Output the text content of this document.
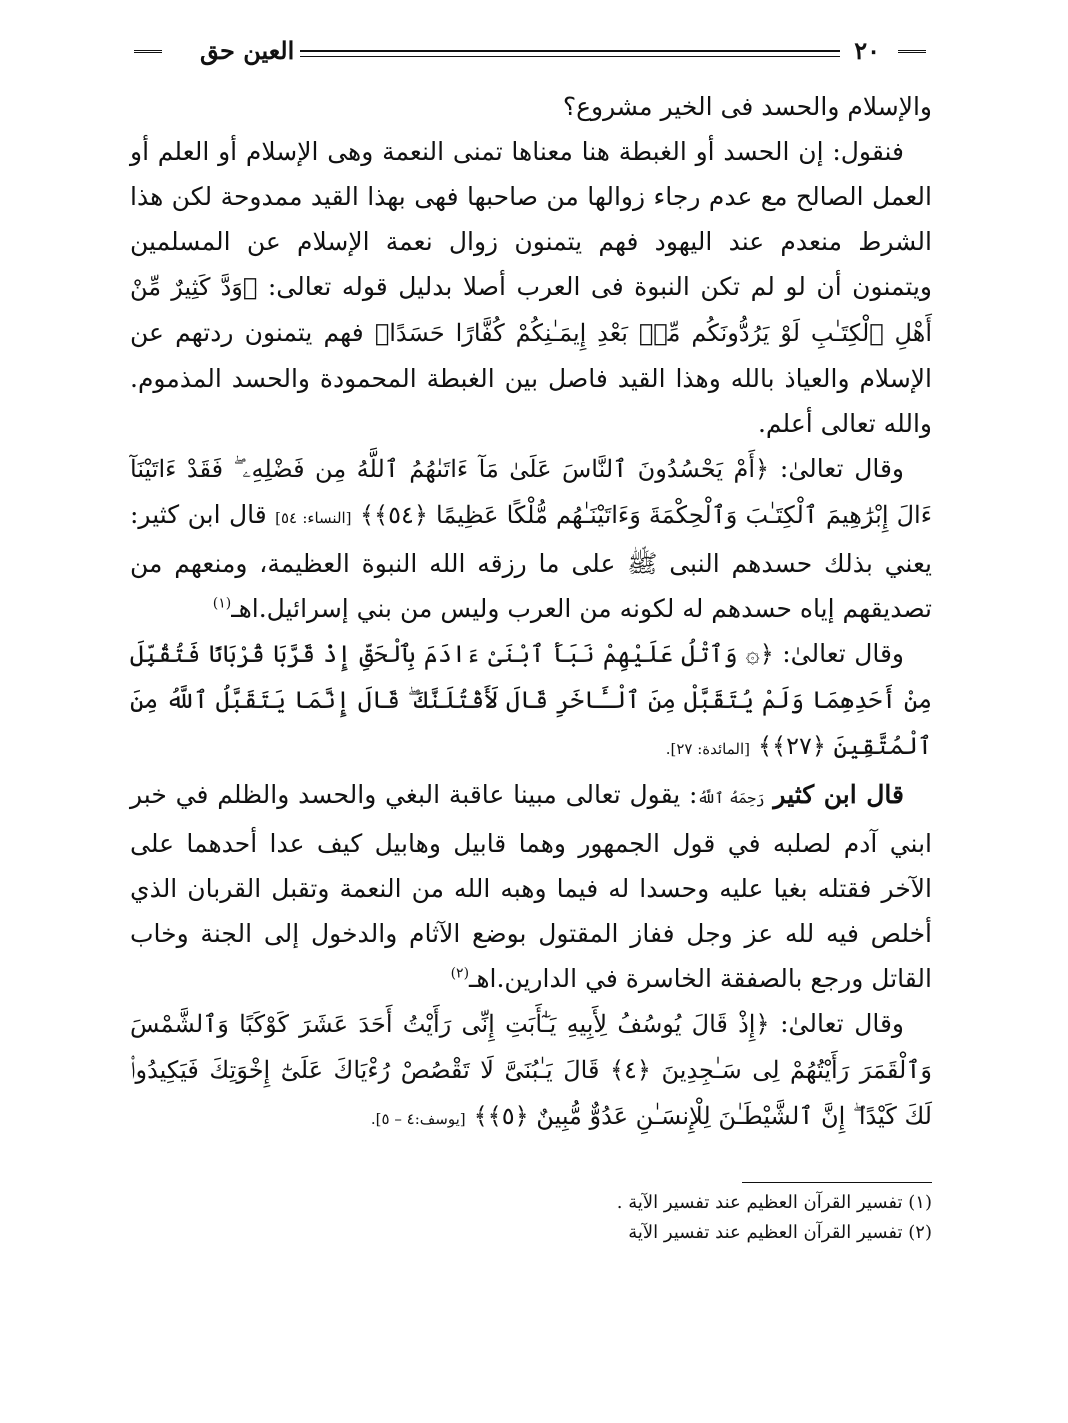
العين حق	٢٠

والإسلام والحسد فى الخير مشروع؟

فنقول: إن الحسد أو الغبطة هنا معناها تمنى النعمة وهى الإسلام أو العلم أو العمل الصالح مع عدم رجاء زوالها من صاحبها فهى بهذا القيد ممدوحة لكن هذا الشرط منعدم عند اليهود فهم يتمنون زوال نعمة الإسلام عن المسلمين ويتمنون أن لو لم تكن النبوة فى العرب أصلا بدليل قوله تعالى: ﴿وَدَّ كَثِيرٌ مِّنْ أَهْلِ ٱلْكِتَـٰبِ لَوْ يَرُدُّونَكُم مِّنۢ بَعْدِ إِيمَـٰنِكُمْ كُفَّارًا حَسَدًا﴾ فهم يتمنون ردتهم عن الإسلام والعياذ بالله وهذا القيد فاصل بين الغبطة المحمودة والحسد المذموم. والله تعالى أعلم.

وقال تعالىٰ: ﴿أَمْ يَحْسُدُونَ ٱلنَّاسَ عَلَىٰ مَآ ءَاتَىٰهُمُ ٱللَّهُ مِن فَضْلِهِۦ ۖ فَقَدْ ءَاتَيْنَآ ءَالَ إِبْرَٰهِيمَ ٱلْكِتَـٰبَ وَٱلْحِكْمَةَ وَءَاتَيْنَـٰهُم مُّلْكًا عَظِيمًا ﴿٥٤﴾﴾ [النساء: ٥٤] قال ابن كثير: يعني بذلك حسدهم النبى ﷺ على ما رزقه الله النبوة العظيمة، ومنعهم من تصديقهم إياه حسدهم له لكونه من العرب وليس من بني إسرائيل.اهـ$^{(١)}$

وقال تعالىٰ: ﴿۞ وَٱتْلُ عَلَيْهِمْ نَبَأَ ٱبْنَىْ ءَادَمَ بِٱلْحَقِّ إِذْ قَرَّبَا قُرْبَانًا فَتُقُبِّلَ مِنْ أَحَدِهِمَا وَلَمْ يُتَقَبَّلْ مِنَ ٱلْـَٔاخَرِ قَالَ لَأَقْتُلَنَّكَ ۖ قَالَ إِنَّمَا يَتَقَبَّلُ ٱللَّهُ مِنَ ٱلْمُتَّقِينَ ﴿٢٧﴾﴾ [المائدة: ٢٧].

قال ابن كثير رَحِمَهُ ٱللَّهُ: يقول تعالى مبينا عاقبة البغي والحسد والظلم في خبر ابني آدم لصلبه في قول الجمهور وهما قابيل وهابيل كيف عدا أحدهما على الآخر فقتله بغيا عليه وحسدا له فيما وهبه الله من النعمة وتقبل القربان الذي أخلص فيه لله عز وجل ففاز المقتول بوضع الآثام والدخول إلى الجنة وخاب القاتل ورجع بالصفقة الخاسرة في الدارين.اهـ$^{(٢)}$

وقال تعالىٰ: ﴿إِذْ قَالَ يُوسُفُ لِأَبِيهِ يَـٰٓأَبَتِ إِنِّى رَأَيْتُ أَحَدَ عَشَرَ كَوْكَبًا وَٱلشَّمْسَ وَٱلْقَمَرَ رَأَيْتُهُمْ لِى سَـٰجِدِينَ ﴿٤﴾ قَالَ يَـٰبُنَىَّ لَا تَقْصُصْ رُءْيَاكَ عَلَىٰٓ إِخْوَتِكَ فَيَكِيدُوا۟ لَكَ كَيْدًا ۖ إِنَّ ٱلشَّيْطَـٰنَ لِلْإِنسَـٰنِ عَدُوٌّ مُّبِينٌ ﴿٥﴾﴾ [يوسف:٤ – ٥].

(١) تفسير القرآن العظيم عند تفسير الآية .

(٢) تفسير القرآن العظيم عند تفسير الآية
